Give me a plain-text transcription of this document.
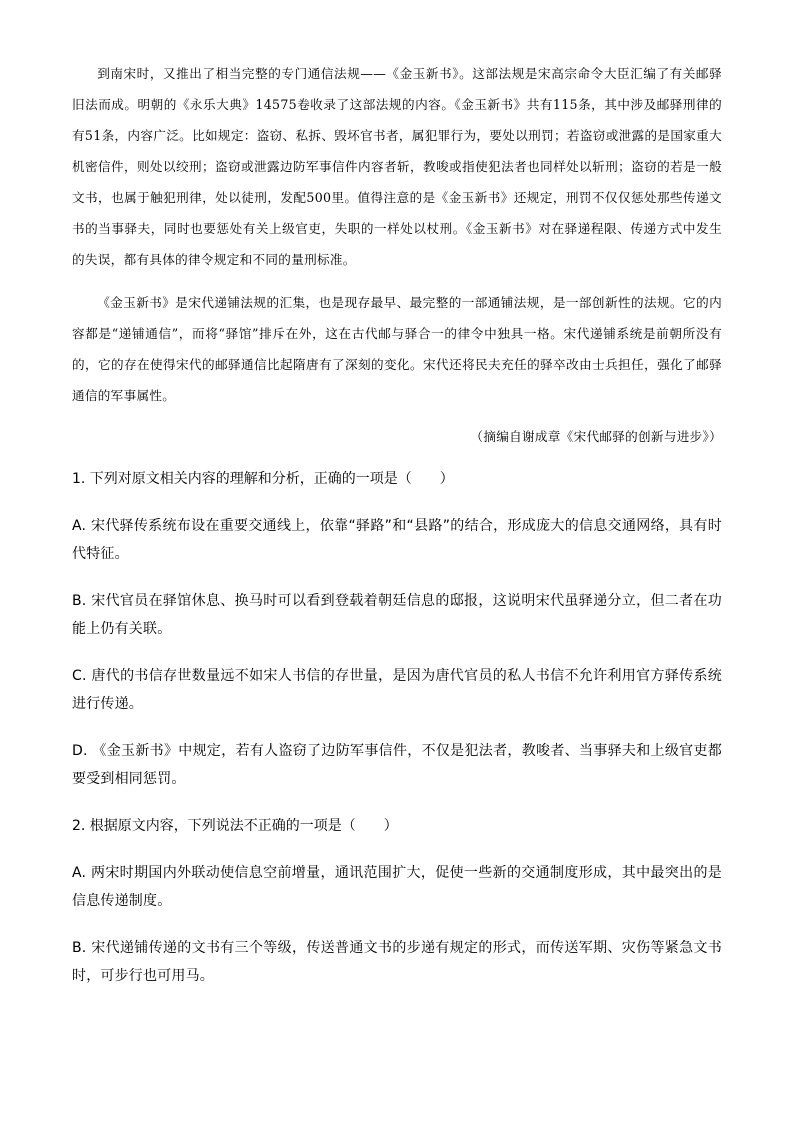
到南宋时，又推出了相当完整的专门通信法规——《金玉新书》。这部法规是宋高宗命令大臣汇编了有关邮驿旧法而成。明朝的《永乐大典》14575卷收录了这部法规的内容。《金玉新书》共有115条，其中涉及邮驿刑律的有51条，内容广泛。比如规定：盗窃、私拆、毁坏官书者，属犯罪行为，要处以刑罚；若盗窃或泄露的是国家重大机密信件，则处以绞刑；盗窃或泄露边防军事信件内容者斩，教唆或指使犯法者也同样处以斩刑；盗窃的若是一般文书，也属于触犯刑律，处以徒刑，发配500里。值得注意的是《金玉新书》还规定，刑罚不仅仅惩处那些传递文书的当事驿夫，同时也要惩处有关上级官吏，失职的一样处以杖刑。《金玉新书》对在驿递程限、传递方式中发生的失误，都有具体的律令规定和不同的量刑标准。

《金玉新书》是宋代递铺法规的汇集，也是现存最早、最完整的一部通铺法规，是一部创新性的法规。它的内容都是“递铺通信”，而将“驿馆”排斥在外，这在古代邮与驿合一的律令中独具一格。宋代递铺系统是前朝所没有的，它的存在使得宋代的邮驿通信比起隋唐有了深刻的变化。宋代还将民夫充任的驿卒改由士兵担任，强化了邮驿通信的军事属性。

（摘编自谢成章《宋代邮驿的创新与进步》）

1. 下列对原文相关内容的理解和分析，正确的一项是（　　）

A. 宋代驿传系统布设在重要交通线上，依靠“驿路”和“县路”的结合，形成庞大的信息交通网络，具有时代特征。

B. 宋代官员在驿馆休息、换马时可以看到登载着朝廷信息的邸报，这说明宋代虽驿递分立，但二者在功能上仍有关联。

C. 唐代的书信存世数量远不如宋人书信的存世量，是因为唐代官员的私人书信不允许利用官方驿传系统进行传递。

D. 《金玉新书》中规定，若有人盗窃了边防军事信件，不仅是犯法者，教唆者、当事驿夫和上级官吏都要受到相同惩罚。

2. 根据原文内容，下列说法不正确的一项是（　　）

A. 两宋时期国内外联动使信息空前增量，通讯范围扩大，促使一些新的交通制度形成，其中最突出的是信息传递制度。

B. 宋代递铺传递的文书有三个等级，传送普通文书的步递有规定的形式，而传送军期、灾伤等紧急文书时，可步行也可用马。
